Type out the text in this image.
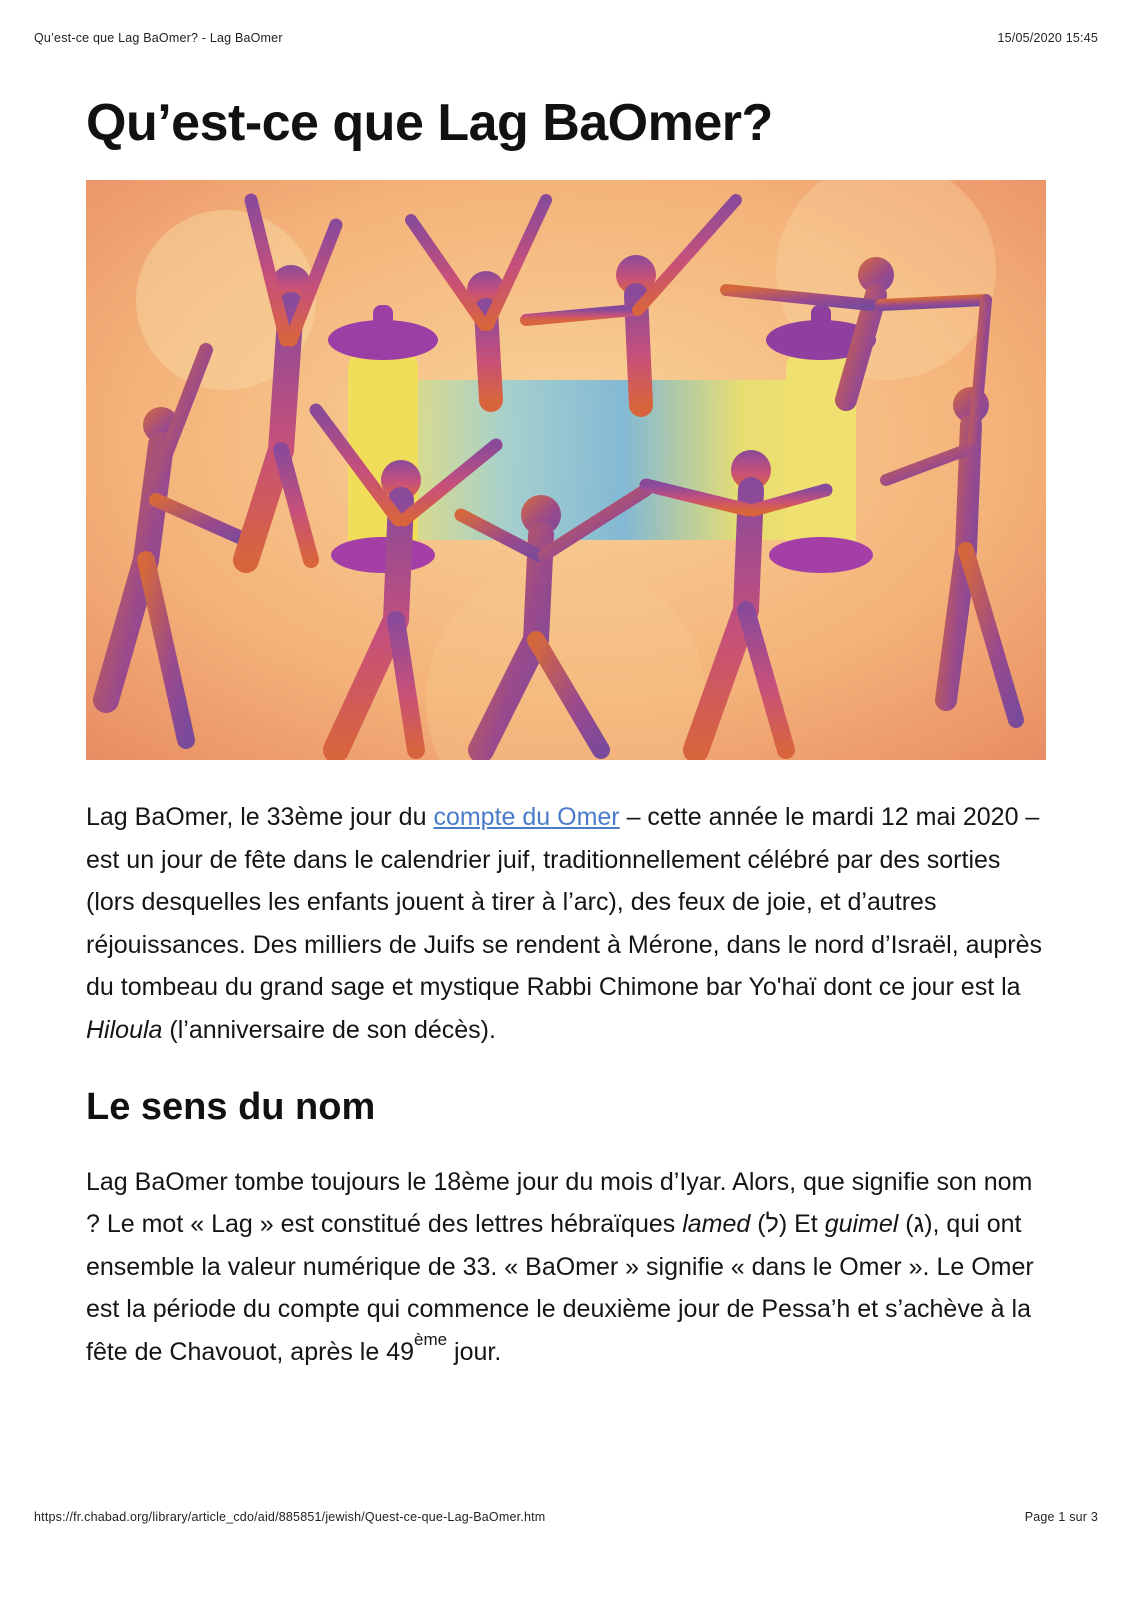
Qu’est-ce que Lag BaOmer? - Lag BaOmer	15/05/2020 15:45
Qu’est-ce que Lag BaOmer?

Lag BaOmer, le 33ème jour du compte du Omer – cette année le mardi 12 mai 2020 – est un jour de fête dans le calendrier juif, traditionnellement célébré par des sorties (lors desquelles les enfants jouent à tirer à l’arc), des feux de joie, et d’autres réjouissances. Des milliers de Juifs se rendent à Mérone, dans le nord d’Israël, auprès du tombeau du grand sage et mystique Rabbi Chimone bar Yo'haï dont ce jour est la Hiloula (l’anniversaire de son décès).

Le sens du nom

Lag BaOmer tombe toujours le 18ème jour du mois d’Iyar. Alors, que signifie son nom ? Le mot « Lag » est constitué des lettres hébraïques lamed (ל) Et guimel (ג), qui ont ensemble la valeur numérique de 33. « BaOmer » signifie « dans le Omer ». Le Omer est la période du compte qui commence le deuxième jour de Pessa’h et s’achève à la fête de Chavouot, après le 49ème jour.

https://fr.chabad.org/library/article_cdo/aid/885851/jewish/Quest-ce-que-Lag-BaOmer.htm	Page 1 sur 3
